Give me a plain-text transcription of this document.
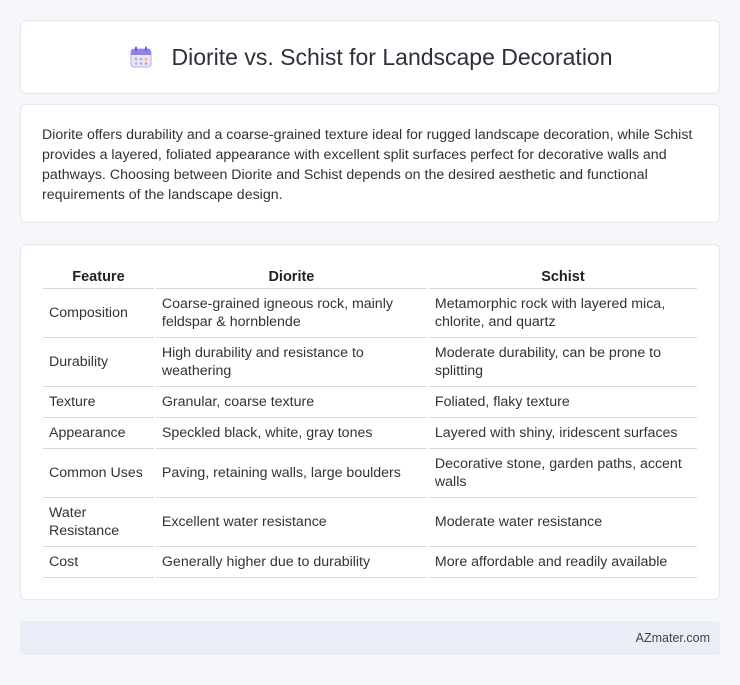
Diorite vs. Schist for Landscape Decoration

Diorite offers durability and a coarse-grained texture ideal for rugged landscape decoration, while Schist provides a layered, foliated appearance with excellent split surfaces perfect for decorative walls and pathways. Choosing between Diorite and Schist depends on the desired aesthetic and functional requirements of the landscape design.

Feature	Diorite	Schist
Composition	Coarse-grained igneous rock, mainly feldspar & hornblende	Metamorphic rock with layered mica, chlorite, and quartz
Durability	High durability and resistance to weathering	Moderate durability, can be prone to splitting
Texture	Granular, coarse texture	Foliated, flaky texture
Appearance	Speckled black, white, gray tones	Layered with shiny, iridescent surfaces
Common Uses	Paving, retaining walls, large boulders	Decorative stone, garden paths, accent walls
Water Resistance	Excellent water resistance	Moderate water resistance
Cost	Generally higher due to durability	More affordable and readily available
AZmater.com
